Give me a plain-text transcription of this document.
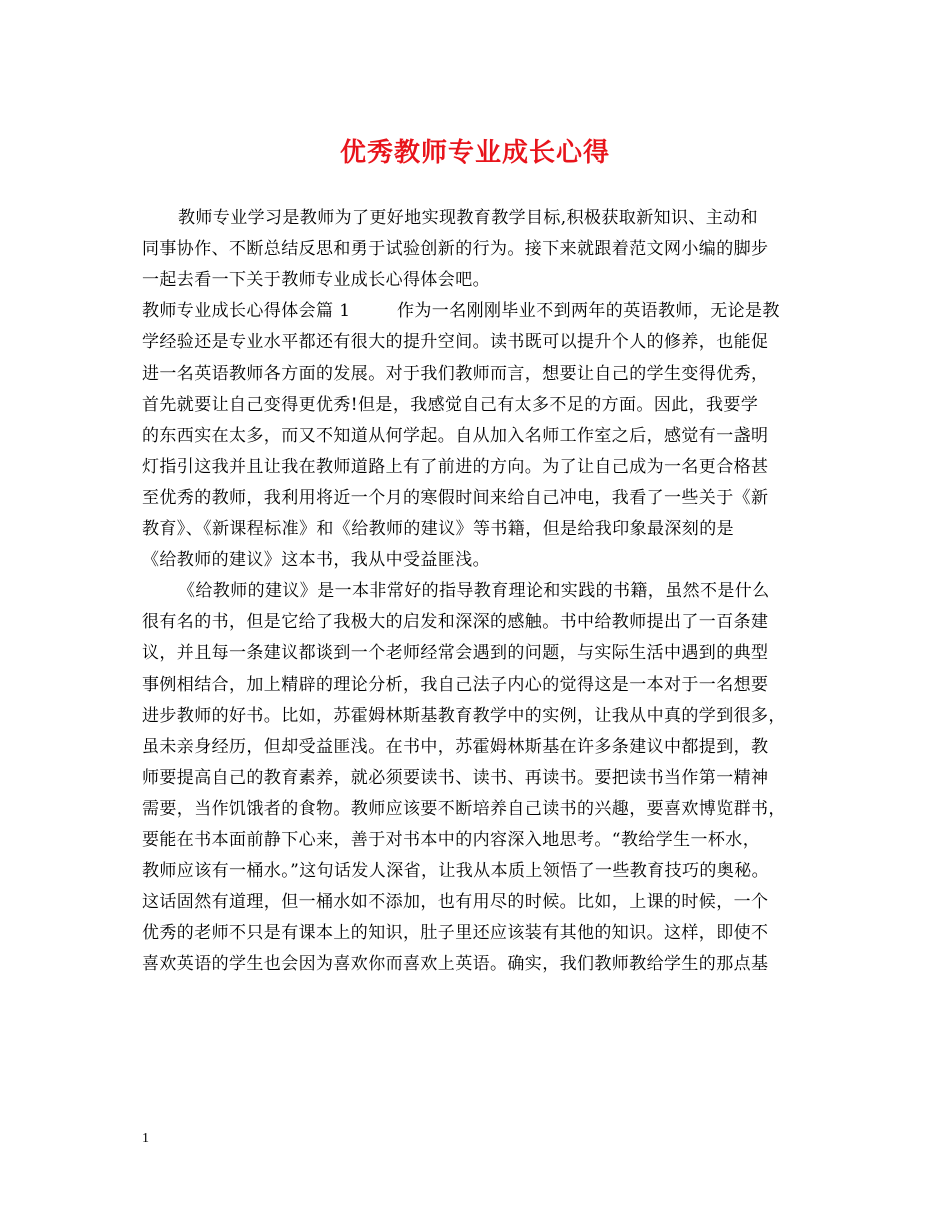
优秀教师专业成长心得
教师专业学习是教师为了更好地实现教育教学目标,积极获取新知识、主动和
同事协作、不断总结反思和勇于试验创新的行为。接下来就跟着范文网小编的脚步
一起去看一下关于教师专业成长心得体会吧。
教师专业成长心得体会篇 1	作为一名刚刚毕业不到两年的英语教师，无论是教
学经验还是专业水平都还有很大的提升空间。读书既可以提升个人的修养，也能促
进一名英语教师各方面的发展。对于我们教师而言，想要让自己的学生变得优秀，
首先就要让自己变得更优秀!但是，我感觉自己有太多不足的方面。因此，我要学
的东西实在太多，而又不知道从何学起。自从加入名师工作室之后，感觉有一盏明
灯指引这我并且让我在教师道路上有了前进的方向。为了让自己成为一名更合格甚
至优秀的教师，我利用将近一个月的寒假时间来给自己冲电，我看了一些关于《新
教育》、《新课程标准》和《给教师的建议》等书籍，但是给我印象最深刻的是
《给教师的建议》这本书，我从中受益匪浅。
《给教师的建议》是一本非常好的指导教育理论和实践的书籍，虽然不是什么
很有名的书，但是它给了我极大的启发和深深的感触。书中给教师提出了一百条建
议，并且每一条建议都谈到一个老师经常会遇到的问题，与实际生活中遇到的典型
事例相结合，加上精辟的理论分析，我自己法子内心的觉得这是一本对于一名想要
进步教师的好书。比如，苏霍姆林斯基教育教学中的实例，让我从中真的学到很多，
虽未亲身经历，但却受益匪浅。在书中，苏霍姆林斯基在许多条建议中都提到，教
师要提高自己的教育素养，就必须要读书、读书、再读书。要把读书当作第一精神
需要，当作饥饿者的食物。教师应该要不断培养自己读书的兴趣，要喜欢博览群书，
要能在书本面前静下心来，善于对书本中的内容深入地思考。“教给学生一杯水，
教师应该有一桶水。”这句话发人深省，让我从本质上领悟了一些教育技巧的奥秘。
这话固然有道理，但一桶水如不添加，也有用尽的时候。比如，上课的时候，一个
优秀的老师不只是有课本上的知识，肚子里还应该装有其他的知识。这样，即使不
喜欢英语的学生也会因为喜欢你而喜欢上英语。确实，我们教师教给学生的那点基
1
